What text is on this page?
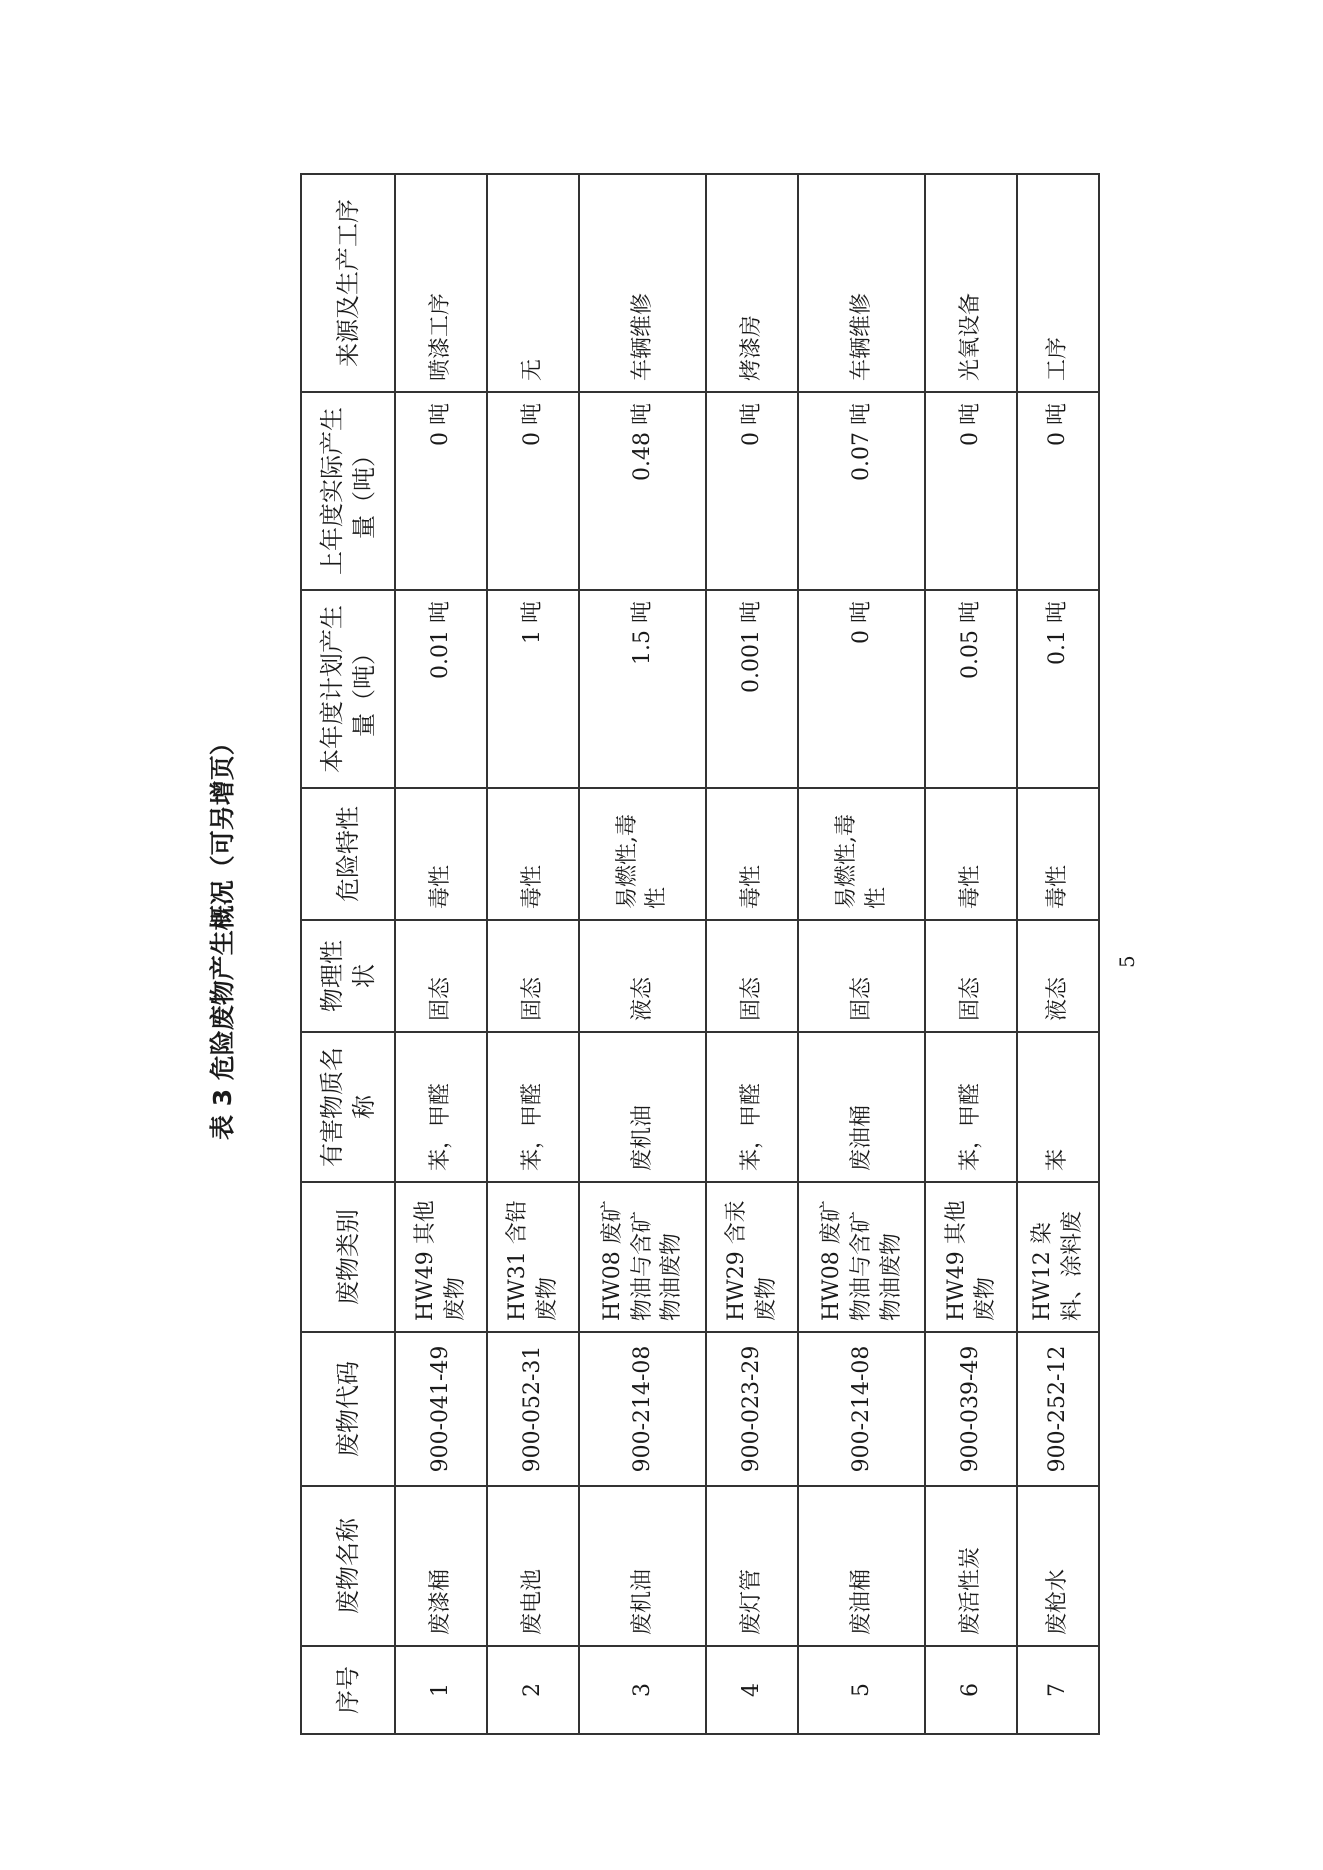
表 3 危险废物产生概况（可另增页）
序号	废物名称	废物代码	废物类别	有害物质名称	物理性状	危险特性	本年度计划产生量（吨）	上年度实际产生量（吨）	来源及生产工序
1	废漆桶	900-041-49	HW49 其他废物	苯，甲醛	固态	毒性	0.01 吨	0 吨	喷漆工序
2	废电池	900-052-31	HW31 含铅废物	苯，甲醛	固态	毒性	1 吨	0 吨	无
3	废机油	900-214-08	HW08 废矿物油与含矿物油废物	废机油	液态	易燃性,毒性	1.5 吨	0.48 吨	车辆维修
4	废灯管	900-023-29	HW29 含汞废物	苯，甲醛	固态	毒性	0.001 吨	0 吨	烤漆房
5	废油桶	900-214-08	HW08 废矿物油与含矿物油废物	废油桶	固态	易燃性,毒性	0 吨	0.07 吨	车辆维修
6	废活性炭	900-039-49	HW49 其他废物	苯，甲醛	固态	毒性	0.05 吨	0 吨	光氧设备
7	废枪水	900-252-12	HW12 染料、涂料废	苯	液态	毒性	0.1 吨	0 吨	工序
5
